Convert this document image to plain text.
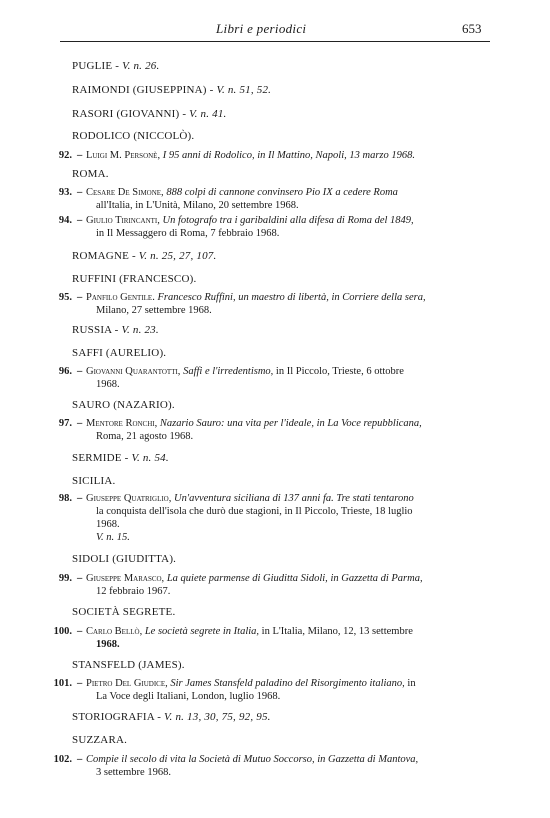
Libri e periodici	653
PUGLIE - V. n. 26.
RAIMONDI (GIUSEPPINA) - V. n. 51, 52.
RASORI (GIOVANNI) - V. n. 41.
RODOLICO (NICCOLÒ).
92. – Luigi M. Personè, I 95 anni di Rodolico, in Il Mattino, Napoli, 13 marzo 1968.
ROMA.
93. – Cesare De Simone, 888 colpi di cannone convinsero Pio IX a cedere Roma
all'Italia, in L'Unità, Milano, 20 settembre 1968.
94. – Giulio Tirincanti, Un fotografo tra i garibaldini alla difesa di Roma del 1849,
in Il Messaggero di Roma, 7 febbraio 1968.
ROMAGNE - V. n. 25, 27, 107.
RUFFINI (FRANCESCO).
95. – Panfilo Gentile. Francesco Ruffini, un maestro di libertà, in Corriere della sera,
Milano, 27 settembre 1968.
RUSSIA - V. n. 23.
SAFFI (AURELIO).
96. – Giovanni Quarantotti, Saffi e l'irredentismo, in Il Piccolo, Trieste, 6 ottobre
1968.
SAURO (NAZARIO).
97. – Mentore Ronchi, Nazario Sauro: una vita per l'ideale, in La Voce repubblicana,
Roma, 21 agosto 1968.
SERMIDE - V. n. 54.
SICILIA.
98. – Giuseppe Quatriglio, Un'avventura siciliana di 137 anni fa. Tre stati tentarono
la conquista dell'isola che durò due stagioni, in Il Piccolo, Trieste, 18 luglio
1968.
V. n. 15.
SIDOLI (GIUDITTA).
99. – Giuseppe Marasco, La quiete parmense di Giuditta Sidoli, in Gazzetta di Parma,
12 febbraio 1967.
SOCIETÀ SEGRETE.
100. – Carlo Bellò, Le società segrete in Italia, in L'Italia, Milano, 12, 13 settembre
1968.
STANSFELD (JAMES).
101. – Pietro Del Giudice, Sir James Stansfeld paladino del Risorgimento italiano, in
La Voce degli Italiani, London, luglio 1968.
STORIOGRAFIA - V. n. 13, 30, 75, 92, 95.
SUZZARA.
102. – Compie il secolo di vita la Società di Mutuo Soccorso, in Gazzetta di Mantova,
3 settembre 1968.
